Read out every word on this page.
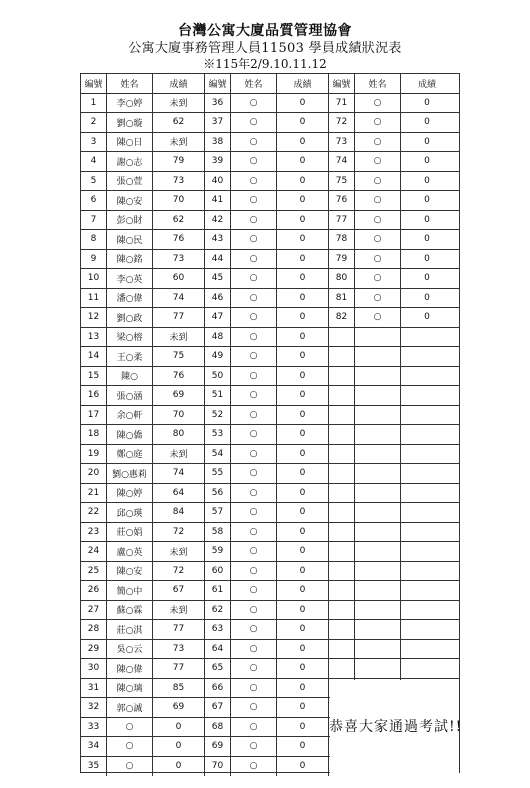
台灣公寓大廈品質管理協會
公寓大廈事務管理人員11503 學員成績狀況表
※115年2/9.10.11.12
編號	姓名	成績	編號	姓名	成績	編號	姓名	成績
1	李○婷	未到	36	○	0	71	○	0
2	劉○璇	62	37	○	0	72	○	0
3	陳○日	未到	38	○	0	73	○	0
4	謝○志	79	39	○	0	74	○	0
5	張○萱	73	40	○	0	75	○	0
6	陳○安	70	41	○	0	76	○	0
7	彭○財	62	42	○	0	77	○	0
8	陳○民	76	43	○	0	78	○	0
9	陳○銘	73	44	○	0	79	○	0
10	李○英	60	45	○	0	80	○	0
11	潘○偉	74	46	○	0	81	○	0
12	劉○政	77	47	○	0	82	○	0
13	梁○榕	未到	48	○	0
14	王○柔	75	49	○	0
15	陳○	76	50	○	0
16	張○涵	69	51	○	0
17	余○軒	70	52	○	0
18	陳○僑	80	53	○	0
19	鄭○庭	未到	54	○	0
20	劉○惠莉	74	55	○	0
21	陳○婷	64	56	○	0
22	邱○瑛	84	57	○	0
23	莊○娟	72	58	○	0
24	盧○英	未到	59	○	0
25	陳○安	72	60	○	0
26	簡○中	67	61	○	0
27	蘇○霖	未到	62	○	0
28	莊○淇	77	63	○	0
29	吳○云	73	64	○	0
30	陳○偉	77	65	○	0
31	陳○璃	85	66	○	0
32	郭○誠	69	67	○	0
33	○	0	68	○	0
34	○	0	69	○	0
35	○	0	70	○	0
恭喜大家通過考試!!
